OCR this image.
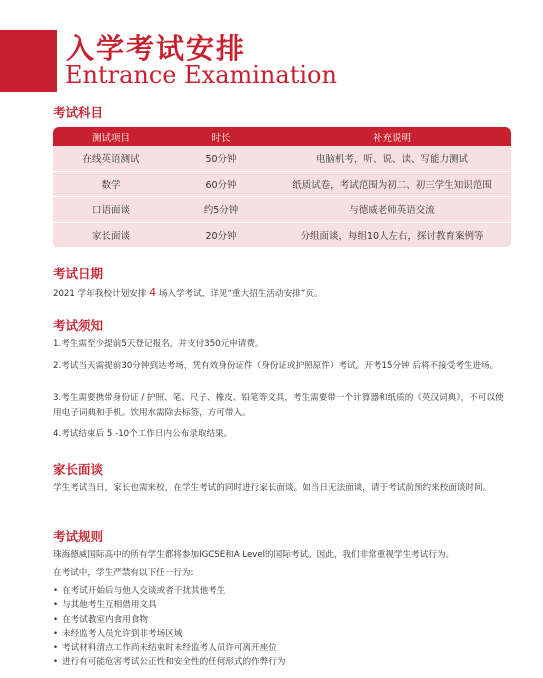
入学考试安排
Entrance Examination
考试科目
测试项目	时长	补充说明
在线英语测试	50分钟	电脑机考，听、说、读、写能力测试
数学	60分钟	纸质试卷，考试范围为初二、初三学生知识范围
口语面谈	约5分钟	与德威老师英语交流
家长面谈	20分钟	分组面谈，每组10人左右，探讨教育案例等
考试日期

2021 学年我校计划安排 4 场入学考试，详见“重大招生活动安排”页。

考试须知

1.考生需至少提前5天登记报名，并支付350元申请费。

2.考试当天需提前30分钟到达考场，凭有效身份证件（身份证或护照原件）考试。开考15分钟 后将不接受考生进场。

3.考生需要携带身份证 / 护照、笔、尺子、橡皮、铅笔等文具，考生需要带一个计算器和纸质的《英汉词典》，不可以使用电子词典和手机。饮用水需除去标签，方可带入。

4.考试结束后 5 -10个工作日内公布录取结果。

家长面谈

学生考试当日，家长也需来校，在学生考试的同时进行家长面谈。如当日无法面谈，请于考试前预约来校面谈时间。

考试规则

珠海德威国际高中的所有学生都将参加IGCSE和A Level的国际考试。因此，我们非常重视学生考试行为。

在考试中，学生严禁有以下任一行为:

• 在考试开始后与他人交谈或者干扰其他考生
• 与其他考生互相借用文具
• 在考试教室内食用食物
• 未经监考人员允许到非考场区域
• 考试材料清点工作尚未结束时未经监考人员许可离开座位
• 进行有可能危害考试公正性和安全性的任何形式的作弊行为
